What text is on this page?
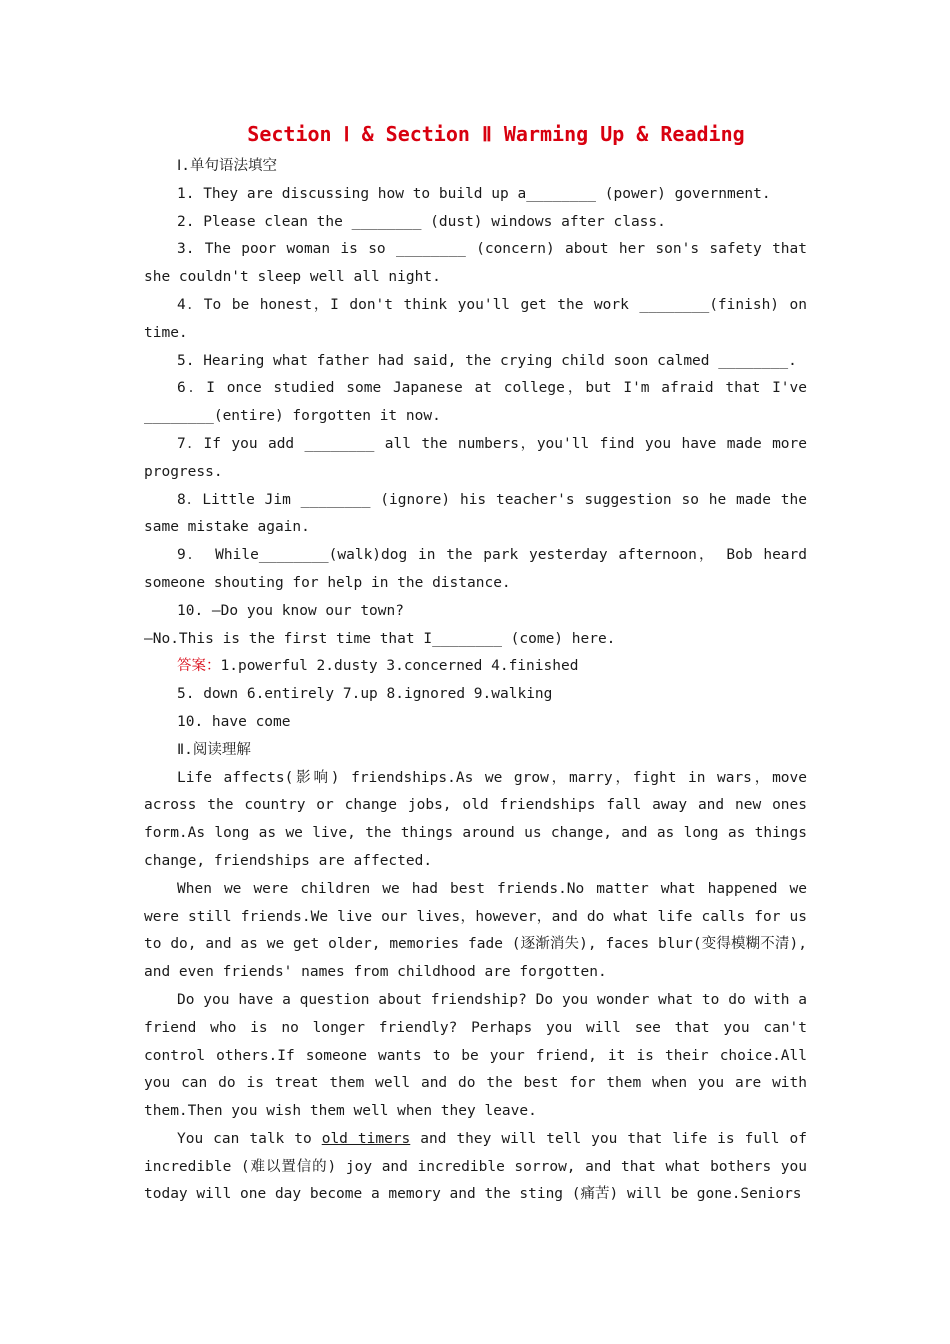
Section Ⅰ & Section Ⅱ Warming Up & Reading

Ⅰ.单句语法填空

1. They are discussing how to build up a________ (power) government.

2. Please clean the ________ (dust) windows after class.

3. The poor woman is so ________ (concern) about her son's safety that she couldn't sleep well all night.

4．To be honest，I don't think you'll get the work ________(finish) on time.

5. Hearing what father had said, the crying child soon calmed ________.

6．I once studied some Japanese at college，but I'm afraid that I've ________(entire) forgotten it now.

7．If you add ________ all the numbers，you'll find you have made more progress.

8．Little Jim ________ (ignore) his teacher's suggestion so he made the same mistake again.

9． While________(walk)dog in the park yesterday afternoon， Bob heard someone shouting for help in the distance.

10. —Do you know our town?

—No.This is the first time that I________ (come) here.

答案：1.powerful 2.dusty 3.concerned 4.finished

5. down 6.entirely 7.up 8.ignored 9.walking

10. have come

Ⅱ.阅读理解

Life affects(影响) friendships.As we grow，marry，fight in wars，move across the country or change jobs, old friendships fall away and new ones form.As long as we live, the things around us change, and as long as things change, friendships are affected.

When we were children we had best friends.No matter what happened we were still friends.We live our lives，however，and do what life calls for us to do, and as we get older, memories fade (逐渐消失), faces blur(变得模糊不清), and even friends' names from childhood are forgotten.

Do you have a question about friendship? Do you wonder what to do with a friend who is no longer friendly? Perhaps you will see that you can't control others.If someone wants to be your friend, it is their choice.All you can do is treat them well and do the best for them when you are with them.Then you wish them well when they leave.

You can talk to old timers and they will tell you that life is full of incredible (难以置信的) joy and incredible sorrow, and that what bothers you today will one day become a memory and the sting (痛苦) will be gone.Seniors
